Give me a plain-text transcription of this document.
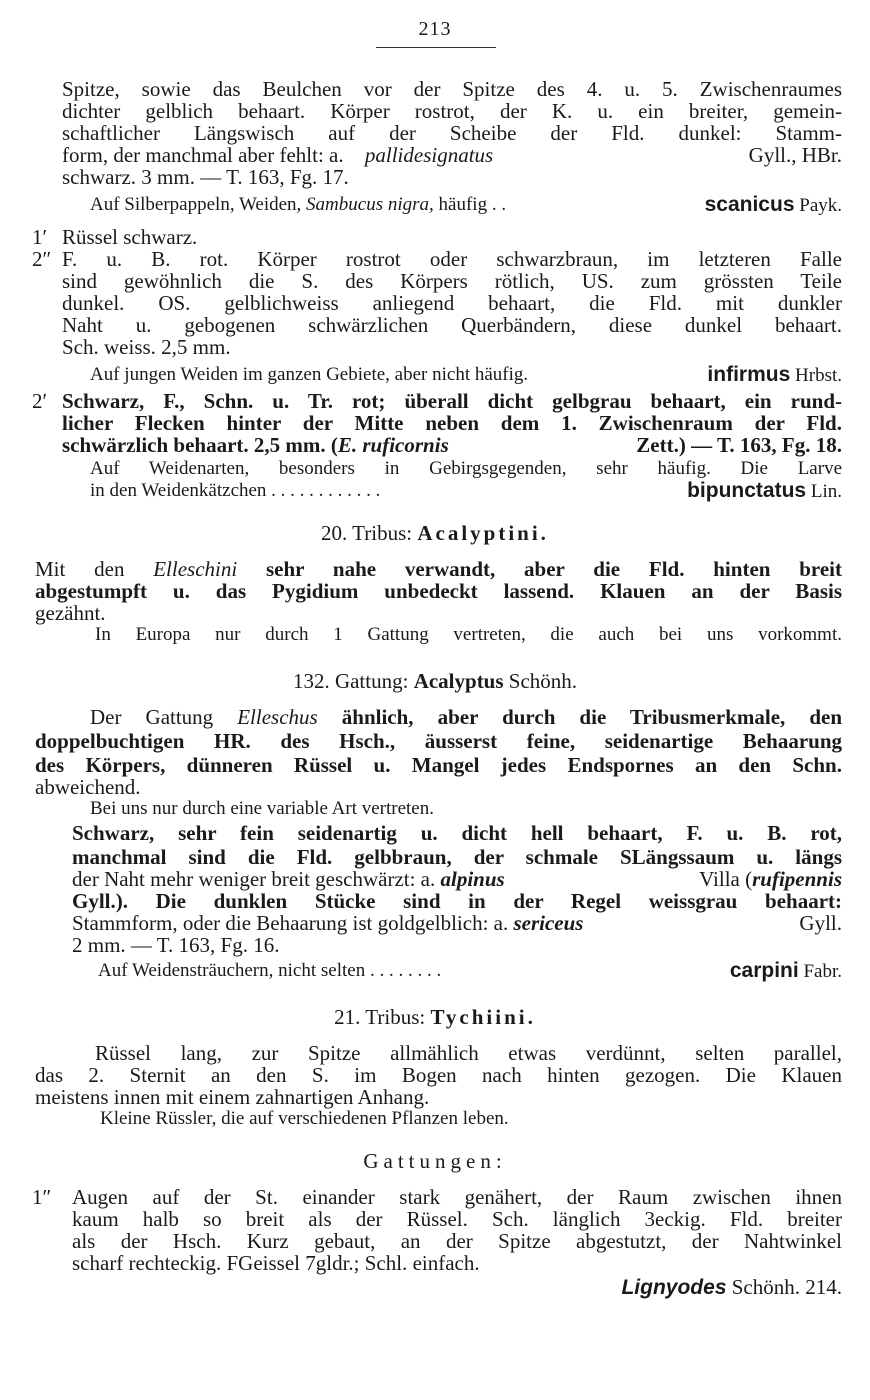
213
Spitze, sowie das Beulchen vor der Spitze des 4. u. 5. Zwischenraumes
dichter gelblich behaart. Körper rostrot, der K. u. ein breiter, gemein-
schaftlicher Längswisch auf der Scheibe der Fld. dunkel: Stamm-
form, der manchmal aber fehlt: a. pallidesignatus	Gyll., HBr.
schwarz. 3 mm. — T. 163, Fg. 17.
Auf Silberpappeln, Weiden, Sambucus nigra, häufig . .	scanicus Payk.
1′ Rüssel schwarz.
2″ F. u. B. rot. Körper rostrot oder schwarzbraun, im letzteren Falle
sind gewöhnlich die S. des Körpers rötlich, US. zum grössten Teile
dunkel. OS. gelblichweiss anliegend behaart, die Fld. mit dunkler
Naht u. gebogenen schwärzlichen Querbändern, diese dunkel behaart.
Sch. weiss. 2,5 mm.
Auf jungen Weiden im ganzen Gebiete, aber nicht häufig.	infirmus Hrbst.
2′ Schwarz, F., Schn. u. Tr. rot; überall dicht gelbgrau behaart, ein rund-
licher Flecken hinter der Mitte neben dem 1. Zwischenraum der Fld.
schwärzlich behaart. 2,5 mm. (E. ruficornis	Zett.) — T. 163, Fg. 18.
Auf Weidenarten, besonders in Gebirgsgegenden, sehr häufig. Die Larve
in den Weidenkätzchen . . . . . . . . . . . .	bipunctatus Lin.
20. Tribus: Acalyptini.
Mit den Elleschini sehr nahe verwandt, aber die Fld. hinten breit
abgestumpft u. das Pygidium unbedeckt lassend. Klauen an der Basis
gezähnt.
In Europa nur durch 1 Gattung vertreten, die auch bei uns vorkommt.
132. Gattung: Acalyptus Schönh.
Der Gattung Elleschus ähnlich, aber durch die Tribusmerkmale, den
doppelbuchtigen HR. des Hsch., äusserst feine, seidenartige Behaarung
des Körpers, dünneren Rüssel u. Mangel jedes Endspornes an den Schn.
abweichend.
Bei uns nur durch eine variable Art vertreten.
Schwarz, sehr fein seidenartig u. dicht hell behaart, F. u. B. rot,
manchmal sind die Fld. gelbbraun, der schmale SLängssaum u. längs
der Naht mehr weniger breit geschwärzt: a. alpinus	Villa (rufipennis
Gyll.). Die dunklen Stücke sind in der Regel weissgrau behaart:
Stammform, oder die Behaarung ist goldgelblich: a. sericeus	Gyll.
2 mm. — T. 163, Fg. 16.
Auf Weidensträuchern, nicht selten . . . . . . . .	carpini Fabr.
21. Tribus: Tychiini.
Rüssel lang, zur Spitze allmählich etwas verdünnt, selten parallel,
das 2. Sternit an den S. im Bogen nach hinten gezogen. Die Klauen
meistens innen mit einem zahnartigen Anhang.
Kleine Rüssler, die auf verschiedenen Pflanzen leben.
Gattungen:
1″ Augen auf der St. einander stark genähert, der Raum zwischen ihnen
kaum halb so breit als der Rüssel. Sch. länglich 3eckig. Fld. breiter
als der Hsch. Kurz gebaut, an der Spitze abgestutzt, der Nahtwinkel
scharf rechteckig. FGeissel 7gldr.; Schl. einfach.
Lignyodes Schönh. 214.
